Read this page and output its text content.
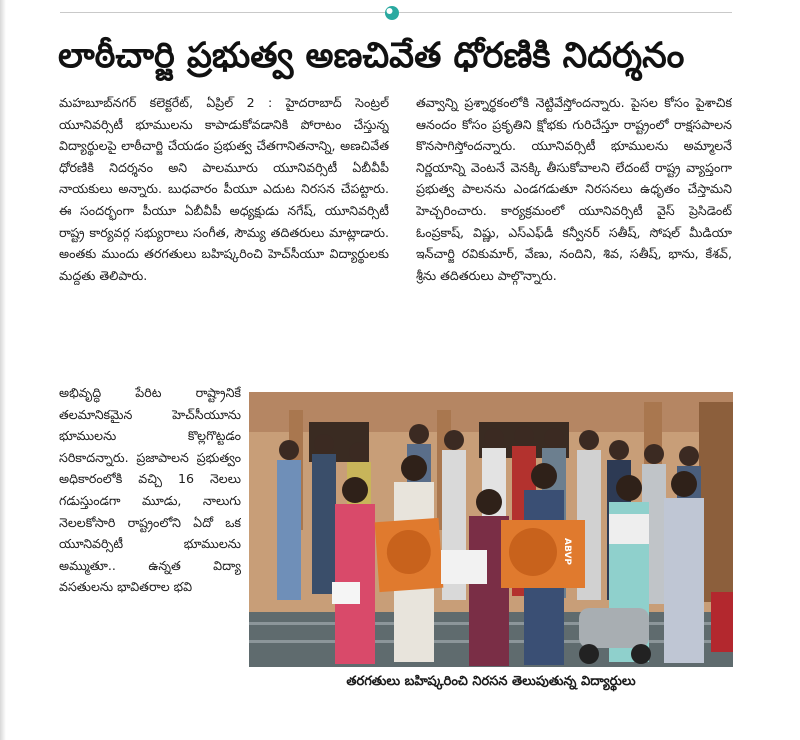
లాఠీచార్జి ప్రభుత్వ అణచివేత ధోరణికి నిదర్శనం

మహబూబ్‌నగర్ కలెక్టరేట్, ఏప్రిల్ 2 : హైదరాబాద్ సెంట్రల్ యూనివర్సిటీ భూములను కాపాడుకోవడానికి పోరాటం చేస్తున్న విద్యార్థులపై లాఠీచార్జి చేయడం ప్రభుత్వ చేతగానితనాన్ని, అణచివేత ధోరణికి నిదర్శనం అని పాలమూరు యూనివర్సిటీ ఏబీవీపీ నాయకులు అన్నారు. బుధవారం పీయూ ఎదుట నిరసన చేపట్టారు. ఈ సందర్భంగా పీయూ ఏబీవీపీ అధ్యక్షుడు నగేష్, యూనివర్సిటీ రాష్ట్ర కార్యవర్గ సభ్యురాలు సంగీత, సౌమ్య తదితరులు మాట్లాడారు. అంతకు ముందు తరగతులు బహిష్కరించి హెచ్‌సీయూ విద్యార్థులకు మద్దతు తెలిపారు.

తవ్వాన్ని ప్రశ్నార్థకంలోకి నెట్టివేస్తోందన్నారు. పైసల కోసం పైశాచిక ఆనందం కోసం ప్రకృతిని క్షోభకు గురిచేస్తూ రాష్ట్రంలో రాక్షసపాలన కొనసాగిస్తోందన్నారు. యూనివర్సిటీ భూములను అమ్మాలనే నిర్ణయాన్ని వెంటనే వెనక్కి తీసుకోవాలని లేదంటే రాష్ట్ర వ్యాప్తంగా ప్రభుత్వ పాలనను ఎండగడుతూ నిరసనలు ఉధృతం చేస్తామని హెచ్చరించారు. కార్యక్రమంలో యూనివర్సిటీ వైస్ ప్రెసిడెంట్ ఓంప్రకాష్, విష్ణు, ఎస్ఎఫ్‌డీ కన్వీనర్ సతీష్, సోషల్ మీడియా ఇన్‌చార్జి రవికుమార్, వేణు, నందిని, శివ, సతీష్, భాను, కేశవ్, శ్రీను తదితరులు పాల్గొన్నారు.

అభివృద్ధి పేరిట రాష్ట్రానికే తలమానికమైన హెచ్‌సీయూను భూములను కొల్లగొట్టడం సరికాదన్నారు. ప్రజాపాలన ప్రభుత్వం అధికారంలోకి వచ్చి 16 నెలలు గడుస్తుండగా మూడు, నాలుగు నెలలకోసారి రాష్ట్రంలోని ఏదో ఒక యూనివర్సిటీ భూములను అమ్ముతూ.. ఉన్నత విద్యా వసతులను భావితరాల భవి

ABVP
తరగతులు బహిష్కరించి నిరసన తెలుపుతున్న విద్యార్థులు
